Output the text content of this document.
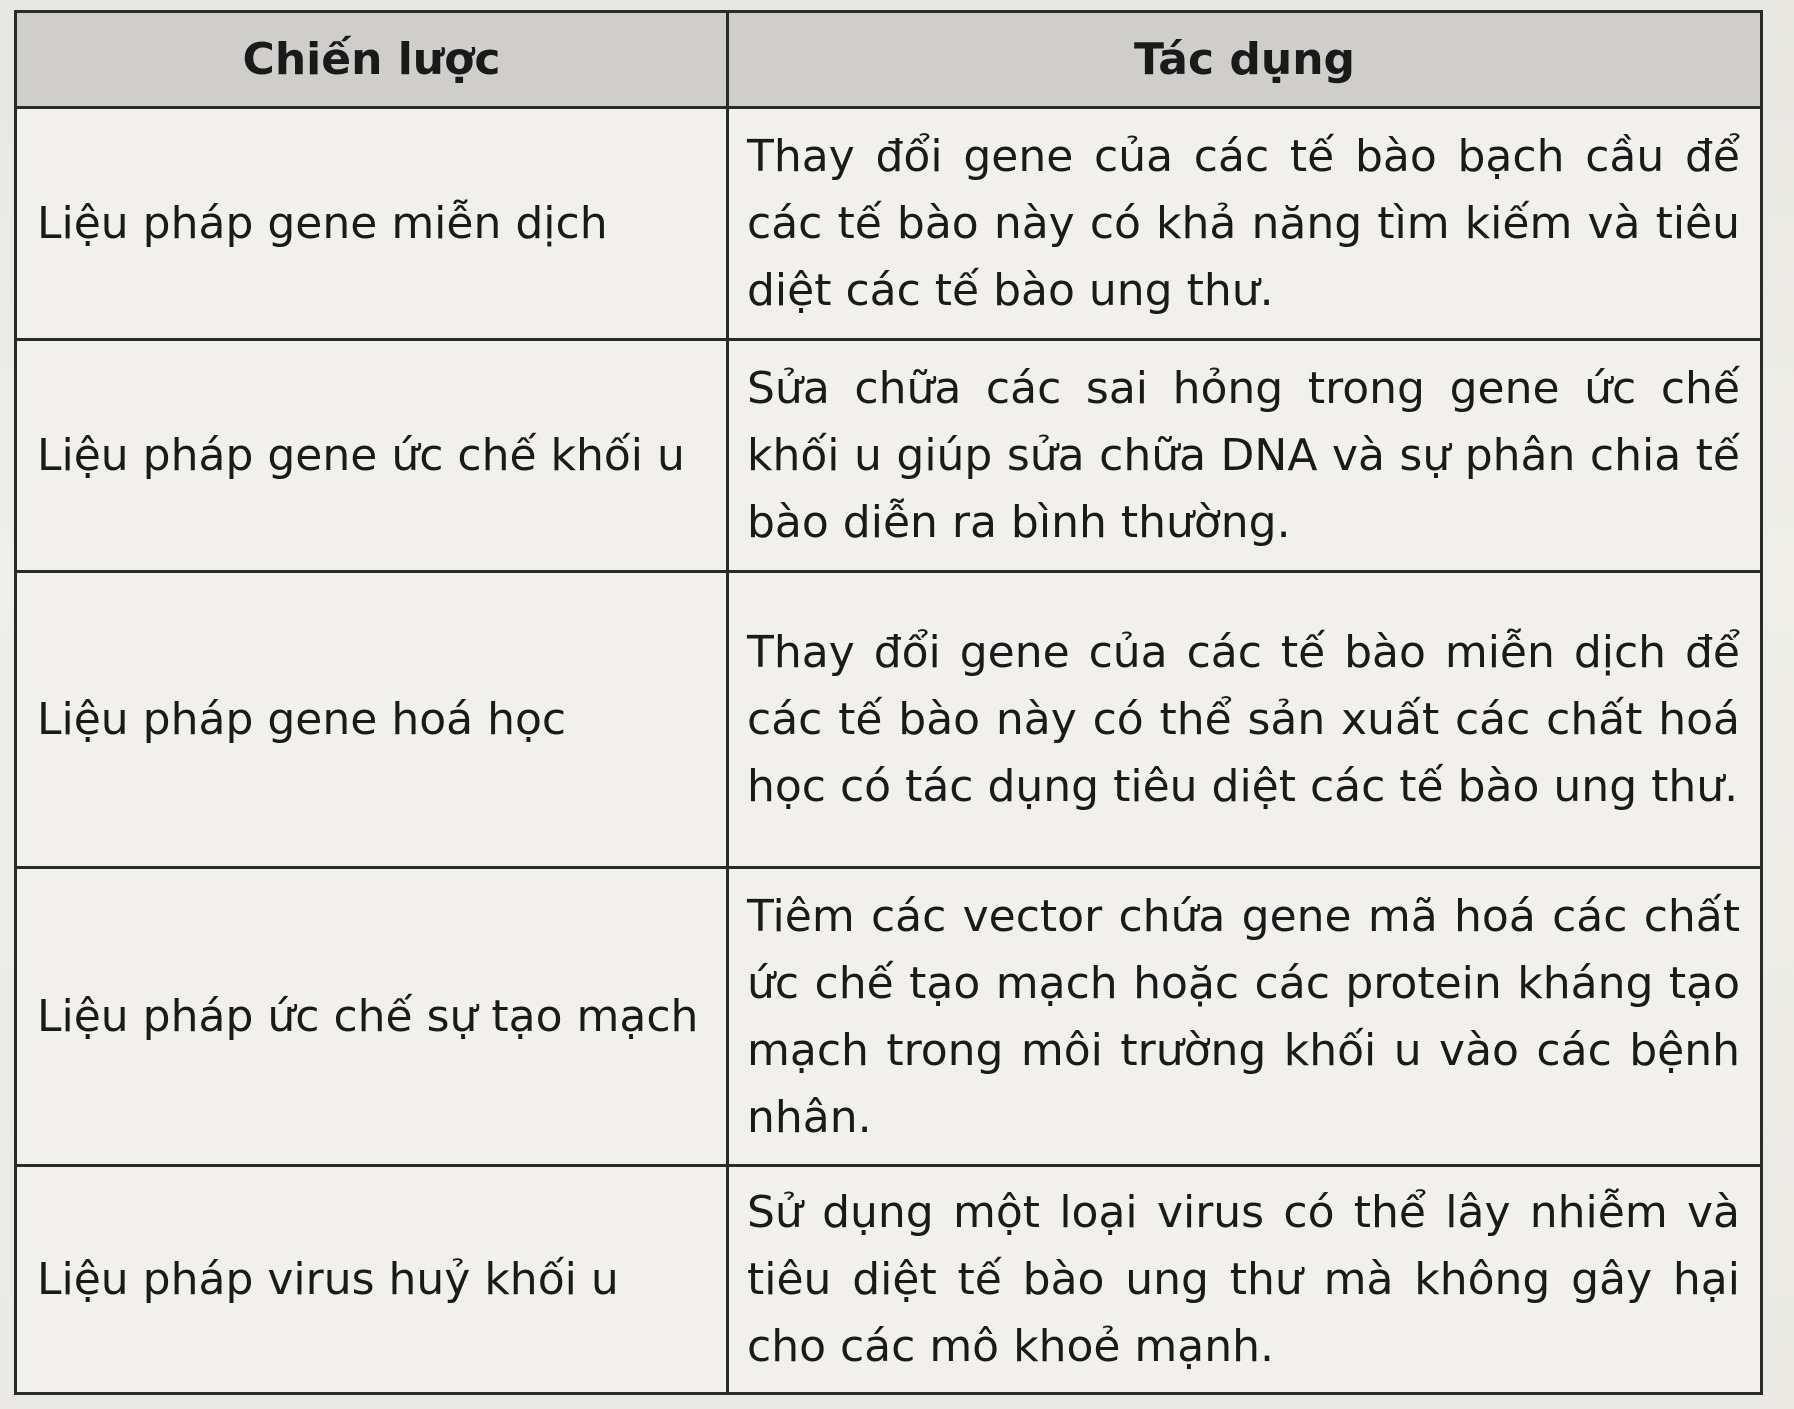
Chiến lược	Tác dụng
Liệu pháp gene miễn dịch	Thay đổi gene của các tế bào bạch cầu để các tế bào này có khả năng tìm kiếm và tiêu diệt các tế bào ung thư.
Liệu pháp gene ức chế khối u	Sửa chữa các sai hỏng trong gene ức chế khối u giúp sửa chữa DNA và sự phân chia tế bào diễn ra bình thường.
Liệu pháp gene hoá học	Thay đổi gene của các tế bào miễn dịch để các tế bào này có thể sản xuất các chất hoá học có tác dụng tiêu diệt các tế bào ung thư.
Liệu pháp ức chế sự tạo mạch	Tiêm các vector chứa gene mã hoá các chất ức chế tạo mạch hoặc các protein kháng tạo mạch trong môi trường khối u vào các bệnh nhân.
Liệu pháp virus huỷ khối u	Sử dụng một loại virus có thể lây nhiễm và tiêu diệt tế bào ung thư mà không gây hại cho các mô khoẻ mạnh.
